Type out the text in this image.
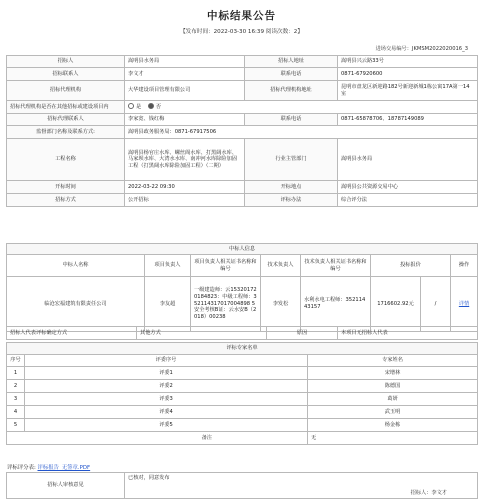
中标结果公告
【发布时间：2022-03-30 16:39 阅读次数：2】
进场交易编号：JKMSM2022020016_3
招标人	嵩明县水务局	招标人地址	嵩明县兴云路33号
招标联系人	李文才	联系电话	0871-67920600
招标代理机构	大华建设项目管理有限公司	招标代理机构地址	昆明市盘龙区新迎路182号新迎新城1栋公寓17A第一14室
招标代理机构是否在其他招标或建设项目内	是 否		
招标代理联系人	李家宽、钱红梅	联系电话	0871-65878706、18787149089
监督部门名称及联系方式:	嵩明县政务服务局：0871-67917506		
工程名称	嵩明县杨官庄水库、螺丝阁水库、打黑阔水库、马家坝水库、大湾水水库、南冲河水库除险加固工程（打黑阔水库除险加固工程）（二期）	行业主管部门	嵩明县水务局
开标时间	2022-03-22 09:30	开标地点	嵩明县公共资源交易中心
招标方式	公开招标	评标办法	综合评分法
中标人信息							
中标人名称	项目负责人	项目负责人相关证书名称和编号	技术负责人	技术负责人相关证书名称和编号	投标报价		操作
临沧宏福建筑有限责任公司	李友超	一级建造师：云153201720184823：中级工程师：352114317017004898 5安全考核B证：云水安B（2018）00238	李发松	水利水电工程师：35211443157	1716602.92元	/	详情
招标人代表评标确定方式	其他方式	原因	本项目无招标人代表
评标专家名单		
序号	评委序号	专家姓名
1	评委1	宋增林
2	评委2	陈德国
3	评委3	葛妍
4	评委4	武玉明
5	评委5	杨金栋
	备注	无
评标评分表: 评标报告_无签章.PDF
招标人审核意见	
已核对，同意发布
招标人：李文才
